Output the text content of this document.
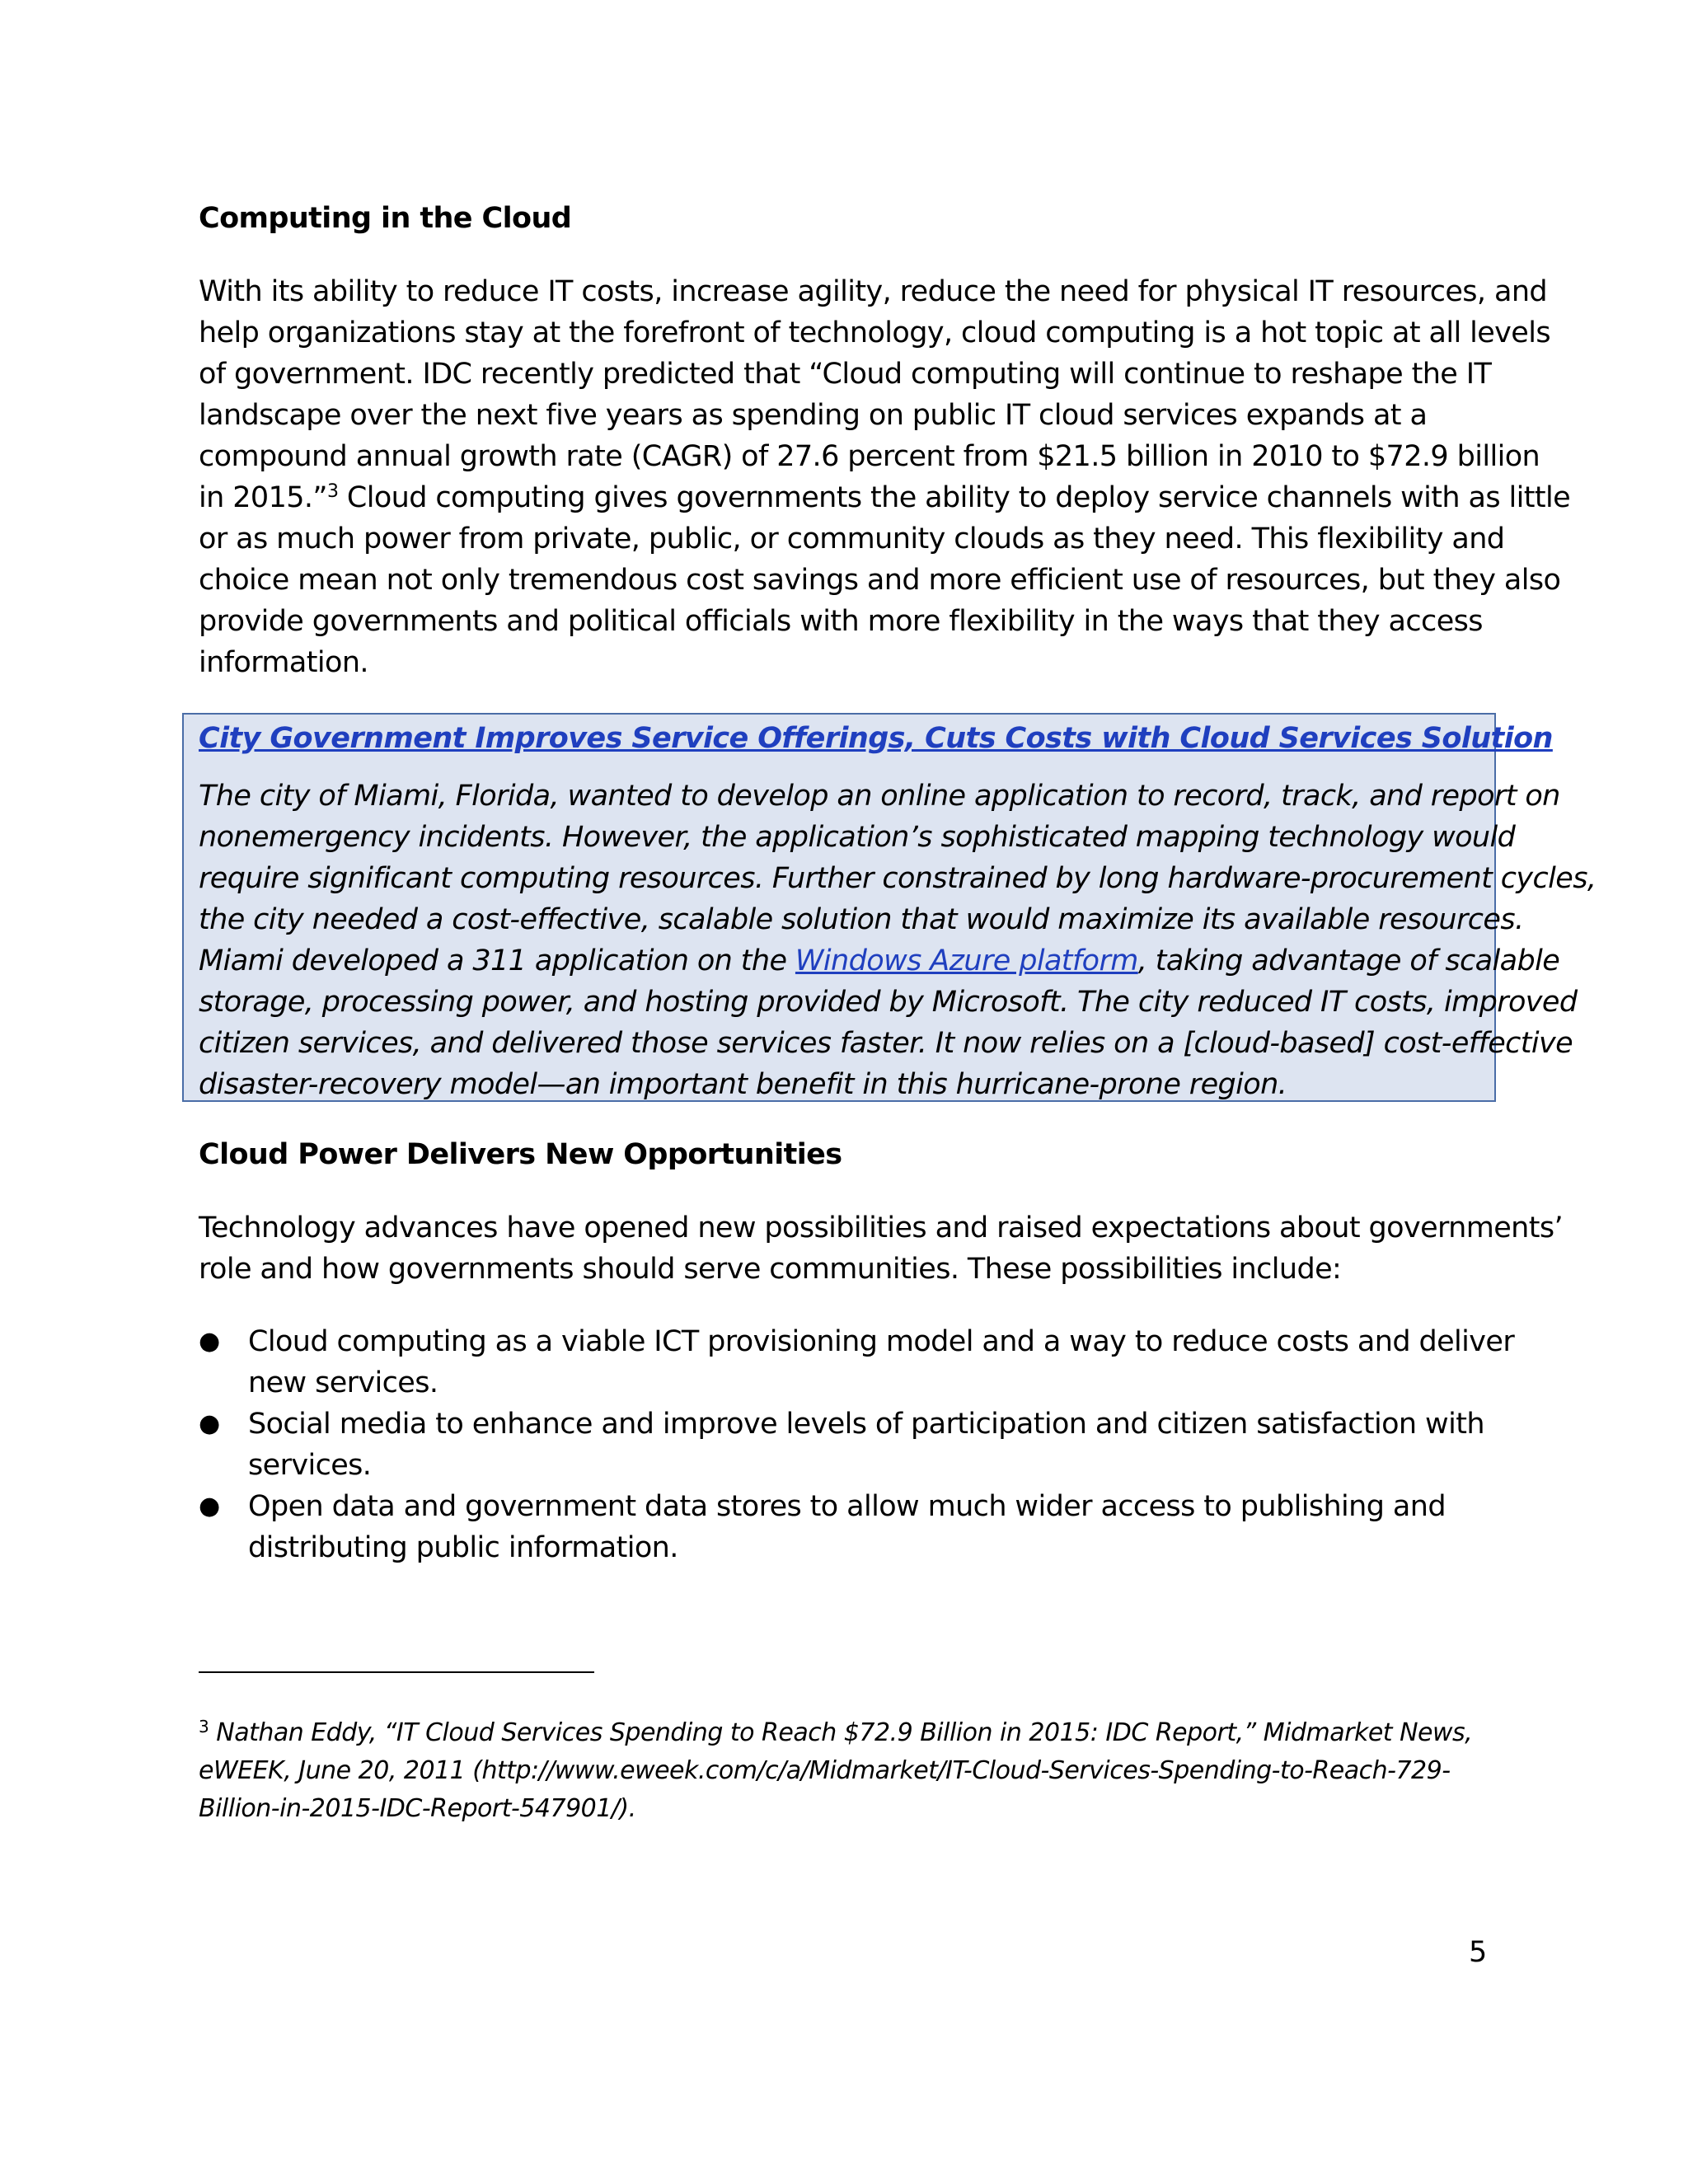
Computing in the Cloud
With its ability to reduce IT costs, increase agility, reduce the need for physical IT resources, and
help organizations stay at the forefront of technology, cloud computing is a hot topic at all levels
of government. IDC recently predicted that “Cloud computing will continue to reshape the IT
landscape over the next five years as spending on public IT cloud services expands at a
compound annual growth rate (CAGR) of 27.6 percent from $21.5 billion in 2010 to $72.9 billion
in 2015.”$^3$ Cloud computing gives governments the ability to deploy service channels with as little
or as much power from private, public, or community clouds as they need. This flexibility and
choice mean not only tremendous cost savings and more efficient use of resources, but they also
provide governments and political officials with more flexibility in the ways that they access
information.
Cloud Power Delivers New Opportunities
Technology advances have opened new possibilities and raised expectations about governments’
role and how governments should serve communities. These possibilities include:
● Cloud computing as a viable ICT provisioning model and a way to reduce costs and deliver
new services.
● Social media to enhance and improve levels of participation and citizen satisfaction with
services.
● Open data and government data stores to allow much wider access to publishing and
distributing public information.
City Government Improves Service Offerings, Cuts Costs with Cloud Services Solution
The city of Miami, Florida, wanted to develop an online application to record, track, and report on
nonemergency incidents. However, the application’s sophisticated mapping technology would
require significant computing resources. Further constrained by long hardware-procurement cycles,
the city needed a cost-effective, scalable solution that would maximize its available resources.
Miami developed a 311 application on the Windows Azure platform, taking advantage of scalable
storage, processing power, and hosting provided by Microsoft. The city reduced IT costs, improved
citizen services, and delivered those services faster. It now relies on a [cloud-based] cost-effective
disaster-recovery model—an important benefit in this hurricane-prone region.
$^3$ Nathan Eddy, “IT Cloud Services Spending to Reach $72.9 Billion in 2015: IDC Report,” Midmarket News,
eWEEK, June 20, 2011 (http://www.eweek.com/c/a/Midmarket/IT-Cloud-Services-Spending-to-Reach-729-
Billion-in-2015-IDC-Report-547901/).
5
